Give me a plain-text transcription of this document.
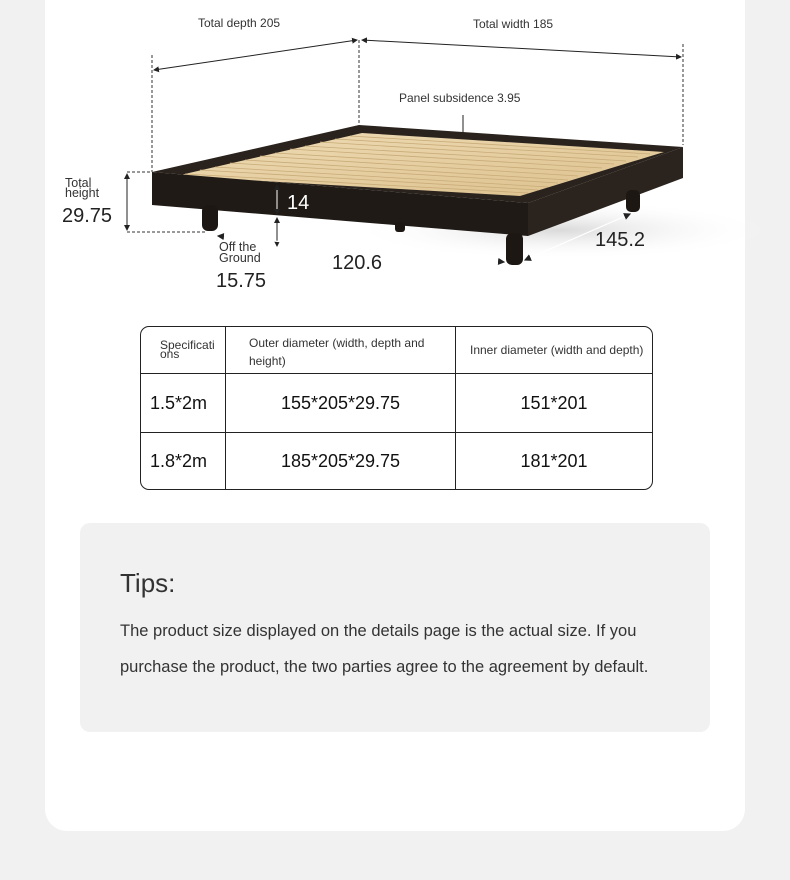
Total depth 205	Total width 185
Panel subsidence 3.95
Total
height
29.75
14
Off the
Ground
15.75
120.6
145.2
Specifications	Outer diameter (width, depth and height)	Inner diameter (width and depth)

1.5*2m	155*205*29.75	151*201
1.8*2m	185*205*29.75	181*201
Tips:
The product size displayed on the details page is the actual size. If you purchase the product, the two parties agree to the agreement by default.
